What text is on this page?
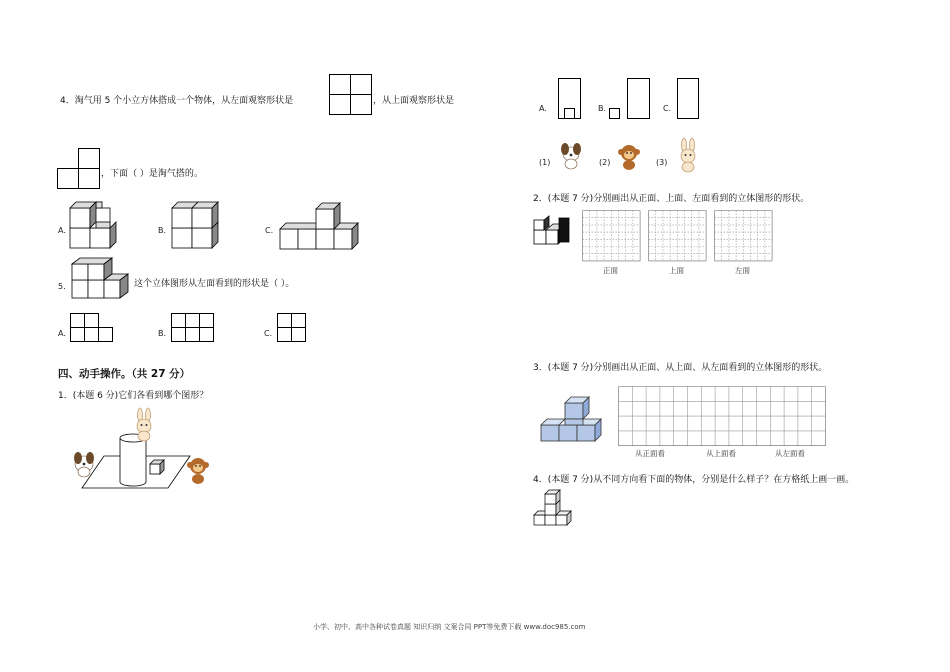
4．淘气用 5 个小立方体搭成一个物体，从左面观察形状是	，从上面观察形状是
，下面（ ）是淘气搭的。
A.	B.	C.
5.	这个立体图形从左面看到的形状是（ ）。
A.	B.	C.
四、动手操作。（共 27 分）
1．(本题 6 分)它们各看到哪个图形？
A.	B.	C.
(1)	(2)	(3)
2．(本题 7 分)分别画出从正面、上面、左面看到的立体图形的形状。
正面	上面	左面
3．(本题 7 分)分别画出从正面、从上面、从左面看到的立体图形的形状。
从正面看	从上面看	从左面看
4．(本题 7 分)从不同方向看下面的物体，分别是什么样子？在方格纸上画一画。
小学、初中、高中各种试卷真题 知识归纳 文案合同 PPT等免费下载 www.doc985.com
